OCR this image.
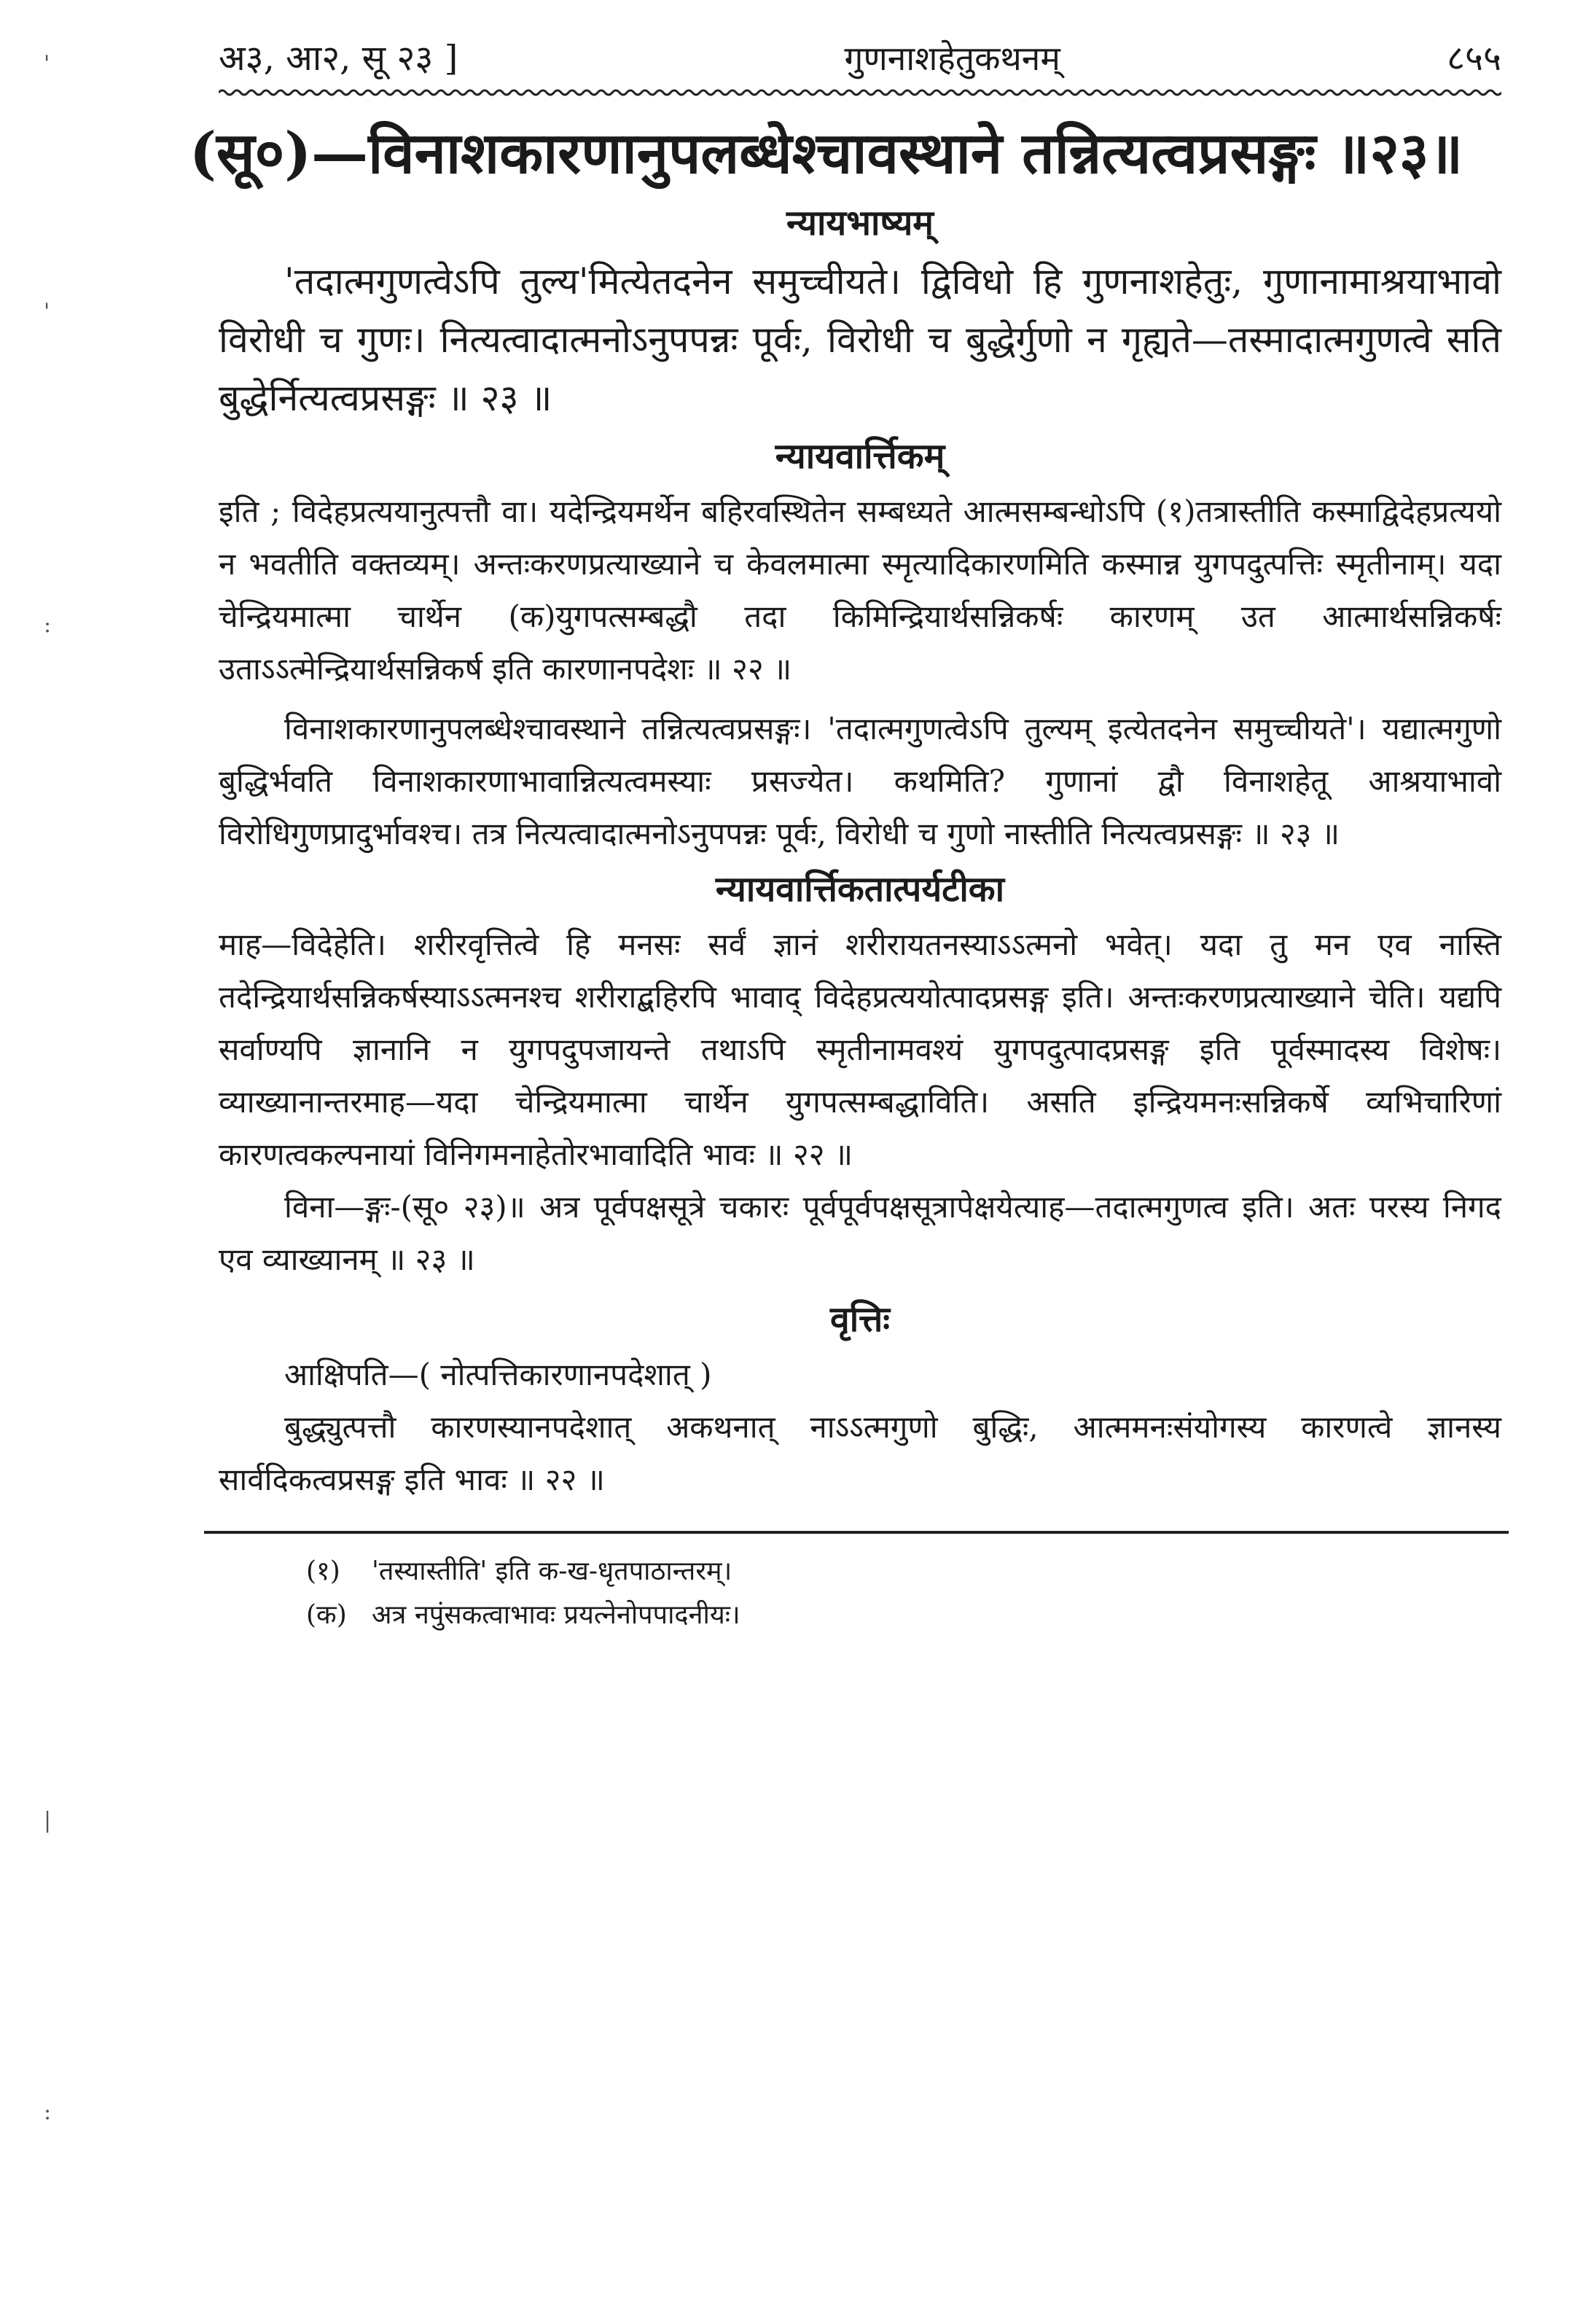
'
'
:
|
:
अ३, आ२, सू २३ ]	गुणनाशहेतुकथनम्	८५५
(सू०)—विनाशकारणानुपलब्धेश्चावस्थाने तन्नित्यत्वप्रसङ्गः ॥२३॥
न्यायभाष्यम्

'तदात्मगुणत्वेऽपि तुल्य'मित्येतदनेन समुच्चीयते। द्विविधो हि गुणनाशहेतुः, गुणानामाश्रयाभावो विरोधी च गुणः। नित्यत्वादात्मनोऽनुपपन्नः पूर्वः, विरोधी च बुद्धेर्गुणो न गृह्यते—तस्मादात्मगुणत्वे सति बुद्धेर्नित्यत्वप्रसङ्गः ॥ २३ ॥

न्यायवार्त्तिकम्

इति ; विदेहप्रत्ययानुत्पत्तौ वा। यदेन्द्रियमर्थेन बहिरवस्थितेन सम्बध्यते आत्मसम्बन्धोऽपि (१)तत्रास्तीति कस्माद्विदेहप्रत्ययो न भवतीति वक्तव्यम्। अन्तःकरणप्रत्याख्याने च केवलमात्मा स्मृत्यादिकारणमिति कस्मान्न युगपदुत्पत्तिः स्मृतीनाम्। यदा चेन्द्रियमात्मा चार्थेन (क)युगपत्सम्बद्धौ तदा किमिन्द्रियार्थसन्निकर्षः कारणम् उत आत्मार्थसन्निकर्षः उताऽऽत्मेन्द्रियार्थसन्निकर्ष इति कारणानपदेशः ॥ २२ ॥

विनाशकारणानुपलब्धेश्चावस्थाने तन्नित्यत्वप्रसङ्गः। 'तदात्मगुणत्वेऽपि तुल्यम् इत्येतदनेन समुच्चीयते'। यद्यात्मगुणो बुद्धिर्भवति विनाशकारणाभावान्नित्यत्वमस्याः प्रसज्येत। कथमिति? गुणानां द्वौ विनाशहेतू आश्रयाभावो विरोधिगुणप्रादुर्भावश्च। तत्र नित्यत्वादात्मनोऽनुपपन्नः पूर्वः, विरोधी च गुणो नास्तीति नित्यत्वप्रसङ्गः ॥ २३ ॥

न्यायवार्त्तिकतात्पर्यटीका

माह—विदेहेति। शरीरवृत्तित्वे हि मनसः सर्वं ज्ञानं शरीरायतनस्याऽऽत्मनो भवेत्। यदा तु मन एव नास्ति तदेन्द्रियार्थसन्निकर्षस्याऽऽत्मनश्च शरीराद्बहिरपि भावाद् विदेहप्रत्ययोत्पादप्रसङ्ग इति। अन्तःकरणप्रत्याख्याने चेति। यद्यपि सर्वाण्यपि ज्ञानानि न युगपदुपजायन्ते तथाऽपि स्मृतीनामवश्यं युगपदुत्पादप्रसङ्ग इति पूर्वस्मादस्य विशेषः। व्याख्यानान्तरमाह—यदा चेन्द्रियमात्मा चार्थेन युगपत्सम्बद्धाविति। असति इन्द्रियमनःसन्निकर्षे व्यभिचारिणां कारणत्वकल्पनायां विनिगमनाहेतोरभावादिति भावः ॥ २२ ॥

विना—ङ्गः-(सू० २३)॥ अत्र पूर्वपक्षसूत्रे चकारः पूर्वपूर्वपक्षसूत्रापेक्षयेत्याह—तदात्मगुणत्व इति। अतः परस्य निगद एव व्याख्यानम् ॥ २३ ॥

वृत्तिः

आक्षिपति—( नोत्पत्तिकारणानपदेशात् )

बुद्ध्युत्पत्तौ कारणस्यानपदेशात् अकथनात् नाऽऽत्मगुणो बुद्धिः, आत्ममनःसंयोगस्य कारणत्वे ज्ञानस्य सार्वदिकत्वप्रसङ्ग इति भावः ॥ २२ ॥

(१) 'तस्यास्तीति' इति क-ख-धृतपाठान्तरम्।
(क) अत्र नपुंसकत्वाभावः प्रयत्नेनोपपादनीयः।
